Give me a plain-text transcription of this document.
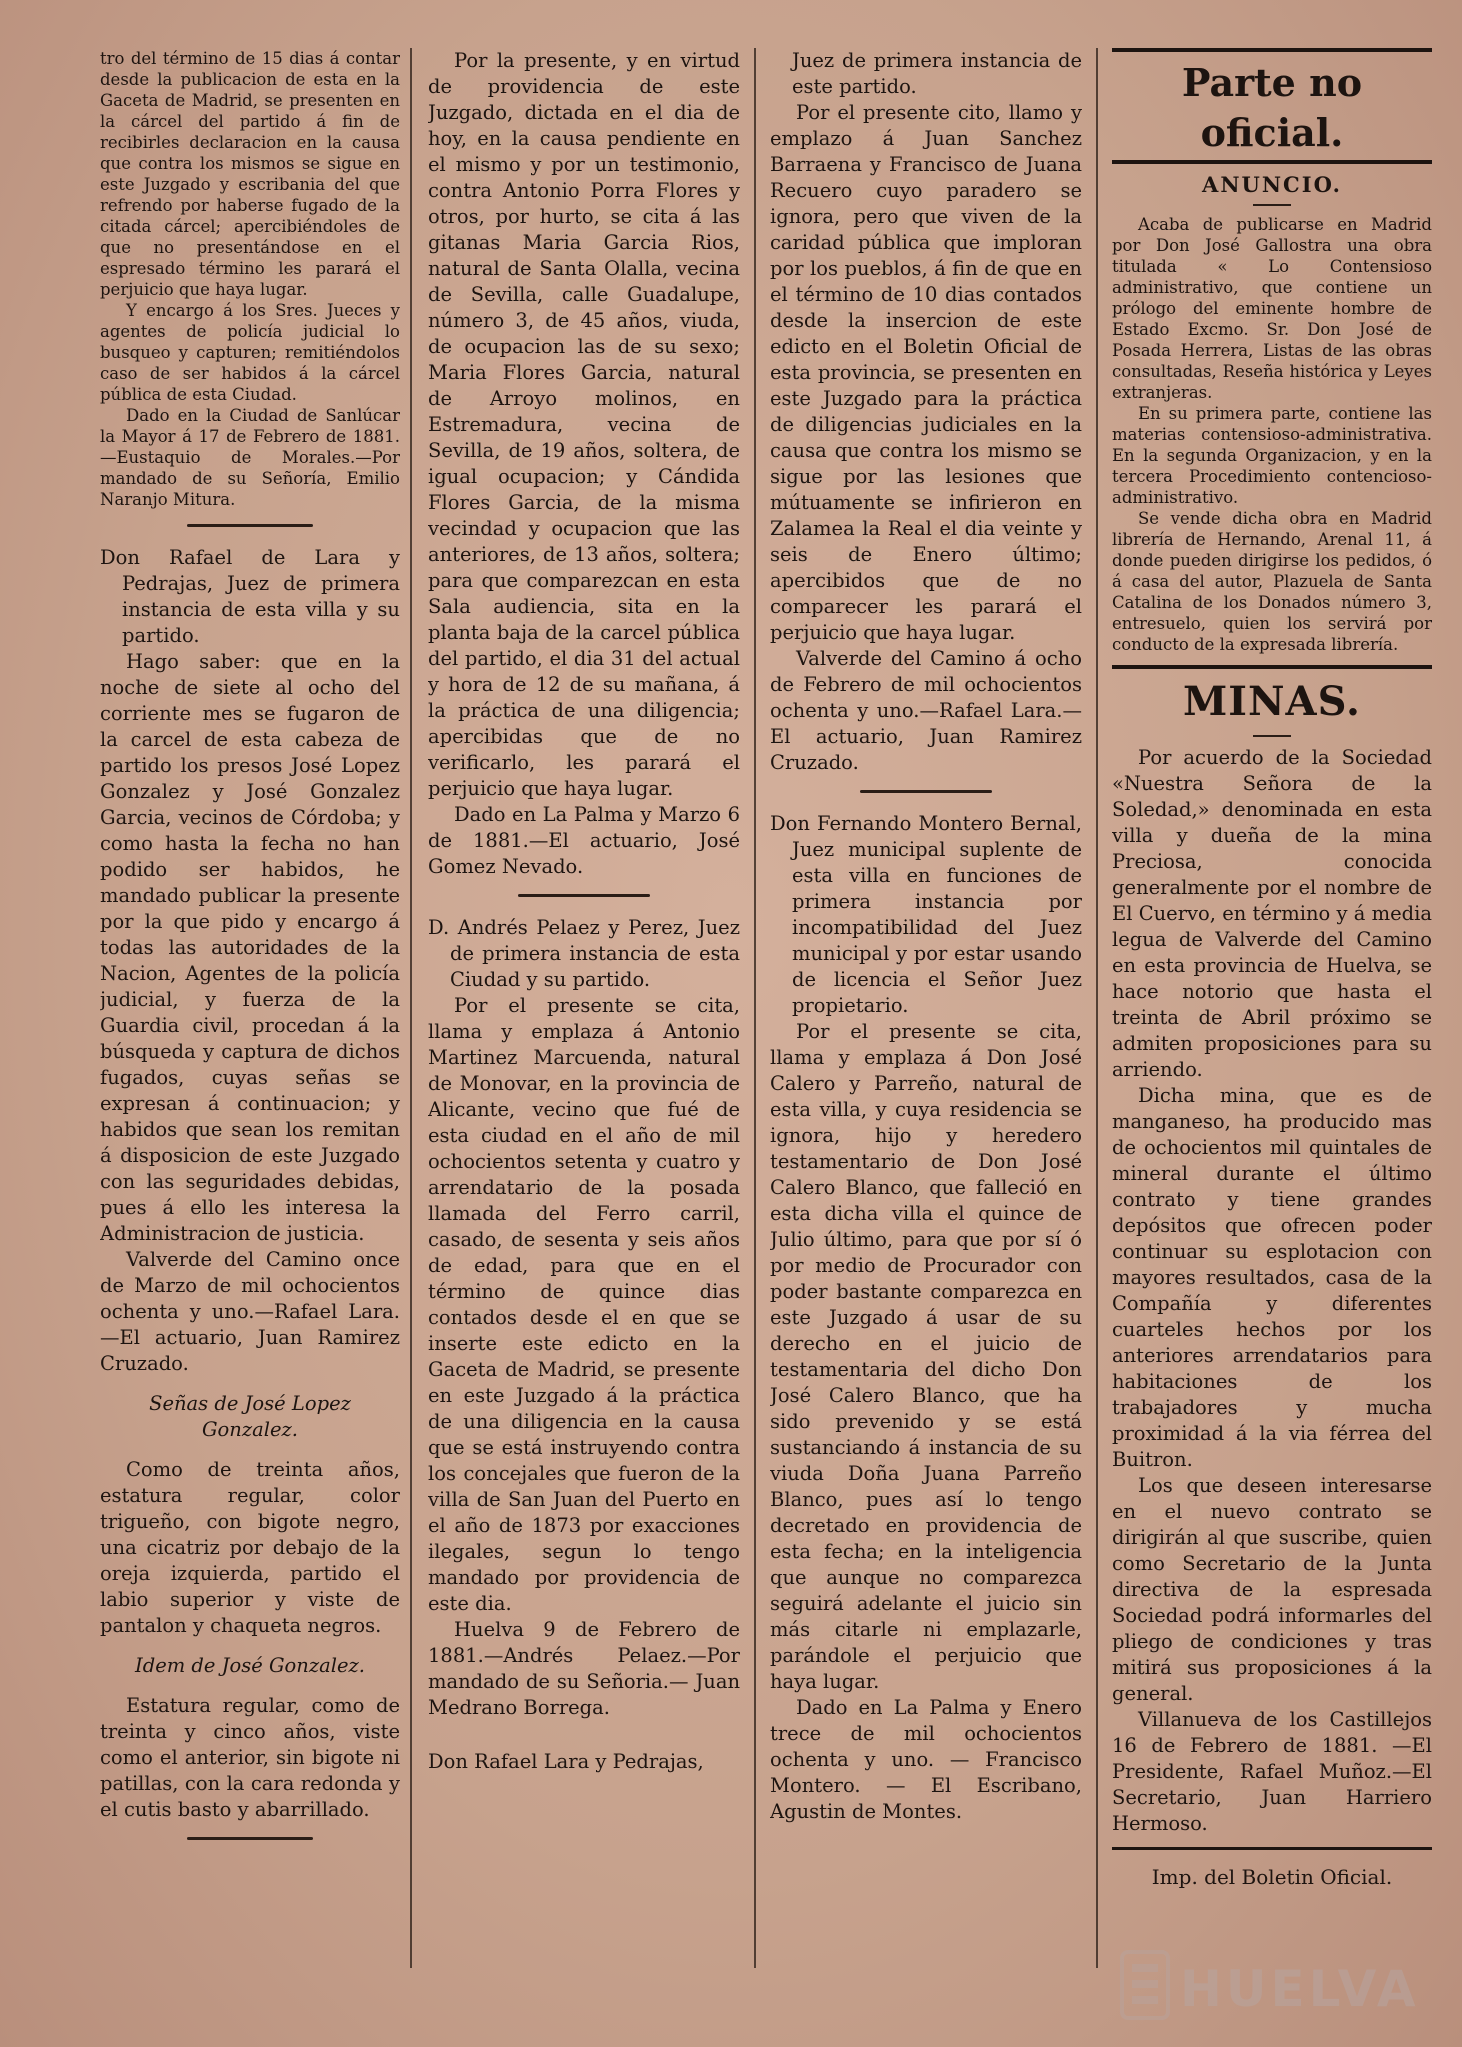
tro del término de 15 dias á contar desde la publicacion de esta en la Gaceta de Madrid, se presenten en la cárcel del partido á fin de recibirles declaracion en la causa que contra los mismos se sigue en este Juzgado y escribania del que refrendo por haberse fugado de la citada cárcel; apercibiéndoles de que no presentándose en el espresado término les parará el perjuicio que haya lugar.

Y encargo á los Sres. Jueces y agentes de policía judicial lo busqueo y capturen; remitiéndolos caso de ser habidos á la cárcel pública de esta Ciudad.

Dado en la Ciudad de Sanlúcar la Mayor á 17 de Febrero de 1881. —Eustaquio de Morales.—Por mandado de su Señoría, Emilio Naranjo Mitura.

Don Rafael de Lara y Pedrajas, Juez de primera instancia de esta villa y su partido.

Hago saber: que en la noche de siete al ocho del corriente mes se fugaron de la carcel de esta cabeza de partido los presos José Lopez Gonzalez y José Gonzalez Garcia, vecinos de Córdoba; y como hasta la fecha no han podido ser habidos, he mandado publicar la presente por la que pido y encargo á todas las autoridades de la Nacion, Agentes de la policía judicial, y fuerza de la Guardia civil, procedan á la búsqueda y captura de dichos fugados, cuyas señas se expresan á continuacion; y habidos que sean los remitan á disposicion de este Juzgado con las seguridades debidas, pues á ello les interesa la Administracion de justicia.

Valverde del Camino once de Marzo de mil ochocientos ochenta y uno.—Rafael Lara. —El actuario, Juan Ramirez Cruzado.

Señas de José Lopez Gonzalez.

Como de treinta años, estatura regular, color trigueño, con bigote negro, una cicatriz por debajo de la oreja izquierda, partido el labio superior y viste de pantalon y chaqueta negros.

Idem de José Gonzalez.

Estatura regular, como de treinta y cinco años, viste como el anterior, sin bigote ni patillas, con la cara redonda y el cutis basto y abarrillado.

Por la presente, y en virtud de providencia de este Juzgado, dictada en el dia de hoy, en la causa pendiente en el mismo y por un testimonio, contra Antonio Porra Flores y otros, por hurto, se cita á las gitanas Maria Garcia Rios, natural de Santa Olalla, vecina de Sevilla, calle Guadalupe, número 3, de 45 años, viuda, de ocupacion las de su sexo; Maria Flores Garcia, natural de Arroyo molinos, en Estremadura, vecina de Sevilla, de 19 años, soltera, de igual ocupacion; y Cándida Flores Garcia, de la misma vecindad y ocupacion que las anteriores, de 13 años, soltera; para que comparezcan en esta Sala audiencia, sita en la planta baja de la carcel pública del partido, el dia 31 del actual y hora de 12 de su mañana, á la práctica de una diligencia; apercibidas que de no verificarlo, les parará el perjuicio que haya lugar.

Dado en La Palma y Marzo 6 de 1881.—El actuario, José Gomez Nevado.

D. Andrés Pelaez y Perez, Juez de primera instancia de esta Ciudad y su partido.

Por el presente se cita, llama y emplaza á Antonio Martinez Marcuenda, natural de Monovar, en la provincia de Alicante, vecino que fué de esta ciudad en el año de mil ochocientos setenta y cuatro y arrendatario de la posada llamada del Ferro carril, casado, de sesenta y seis años de edad, para que en el término de quince dias contados desde el en que se inserte este edicto en la Gaceta de Madrid, se presente en este Juzgado á la práctica de una diligencia en la causa que se está instruyendo contra los concejales que fueron de la villa de San Juan del Puerto en el año de 1873 por exacciones ilegales, segun lo tengo mandado por providencia de este dia.

Huelva 9 de Febrero de 1881.—Andrés Pelaez.—Por mandado de su Señoria.— Juan Medrano Borrega.

Don Rafael Lara y Pedrajas,

Juez de primera instancia de este partido.

Por el presente cito, llamo y emplazo á Juan Sanchez Barraena y Francisco de Juana Recuero cuyo paradero se ignora, pero que viven de la caridad pública que imploran por los pueblos, á fin de que en el término de 10 dias contados desde la insercion de este edicto en el Boletin Oficial de esta provincia, se presenten en este Juzgado para la práctica de diligencias judiciales en la causa que contra los mismo se sigue por las lesiones que mútuamente se infirieron en Zalamea la Real el dia veinte y seis de Enero último; apercibidos que de no comparecer les parará el perjuicio que haya lugar.

Valverde del Camino á ocho de Febrero de mil ochocientos ochenta y uno.—Rafael Lara.—El actuario, Juan Ramirez Cruzado.

Don Fernando Montero Bernal, Juez municipal suplente de esta villa en funciones de primera instancia por incompatibilidad del Juez municipal y por estar usando de licencia el Señor Juez propietario.

Por el presente se cita, llama y emplaza á Don José Calero y Parreño, natural de esta villa, y cuya residencia se ignora, hijo y heredero testamentario de Don José Calero Blanco, que falleció en esta dicha villa el quince de Julio último, para que por sí ó por medio de Procurador con poder bastante comparezca en este Juzgado á usar de su derecho en el juicio de testamentaria del dicho Don José Calero Blanco, que ha sido prevenido y se está sustanciando á instancia de su viuda Doña Juana Parreño Blanco, pues así lo tengo decretado en providencia de esta fecha; en la inteligencia que aunque no comparezca seguirá adelante el juicio sin más citarle ni emplazarle, parándole el perjuicio que haya lugar.

Dado en La Palma y Enero trece de mil ochocientos ochenta y uno. — Francisco Montero. — El Escribano, Agustin de Montes.

Parte no oficial.

ANUNCIO.

Acaba de publicarse en Madrid por Don José Gallostra una obra titulada « Lo Contensioso administrativo, que contiene un prólogo del eminente hombre de Estado Excmo. Sr. Don José de Posada Herrera, Listas de las obras consultadas, Reseña histórica y Leyes extranjeras.

En su primera parte, contiene las materias contensioso-administrativa. En la segunda Organizacion, y en la tercera Procedimiento contencioso-administrativo.

Se vende dicha obra en Madrid librería de Hernando, Arenal 11, á donde pueden dirigirse los pedidos, ó á casa del autor, Plazuela de Santa Catalina de los Donados número 3, entresuelo, quien los servirá por conducto de la expresada librería.

MINAS.

Por acuerdo de la Sociedad «Nuestra Señora de la Soledad,» denominada en esta villa y dueña de la mina Preciosa, conocida generalmente por el nombre de El Cuervo, en término y á media legua de Valverde del Camino en esta provincia de Huelva, se hace notorio que hasta el treinta de Abril próximo se admiten proposiciones para su arriendo.

Dicha mina, que es de manganeso, ha producido mas de ochocientos mil quintales de mineral durante el último contrato y tiene grandes depósitos que ofrecen poder continuar su esplotacion con mayores resultados, casa de la Compañía y diferentes cuarteles hechos por los anteriores arrendatarios para habitaciones de los trabajadores y mucha proximidad á la via férrea del Buitron.

Los que deseen interesarse en el nuevo contrato se dirigirán al que suscribe, quien como Secretario de la Junta directiva de la espresada Sociedad podrá informarles del pliego de condiciones y tras mitirá sus proposiciones á la general.

Villanueva de los Castillejos 16 de Febrero de 1881. —El Presidente, Rafael Muñoz.—El Secretario, Juan Harriero Hermoso.

Imp. del Boletin Oficial.

HUELVA
